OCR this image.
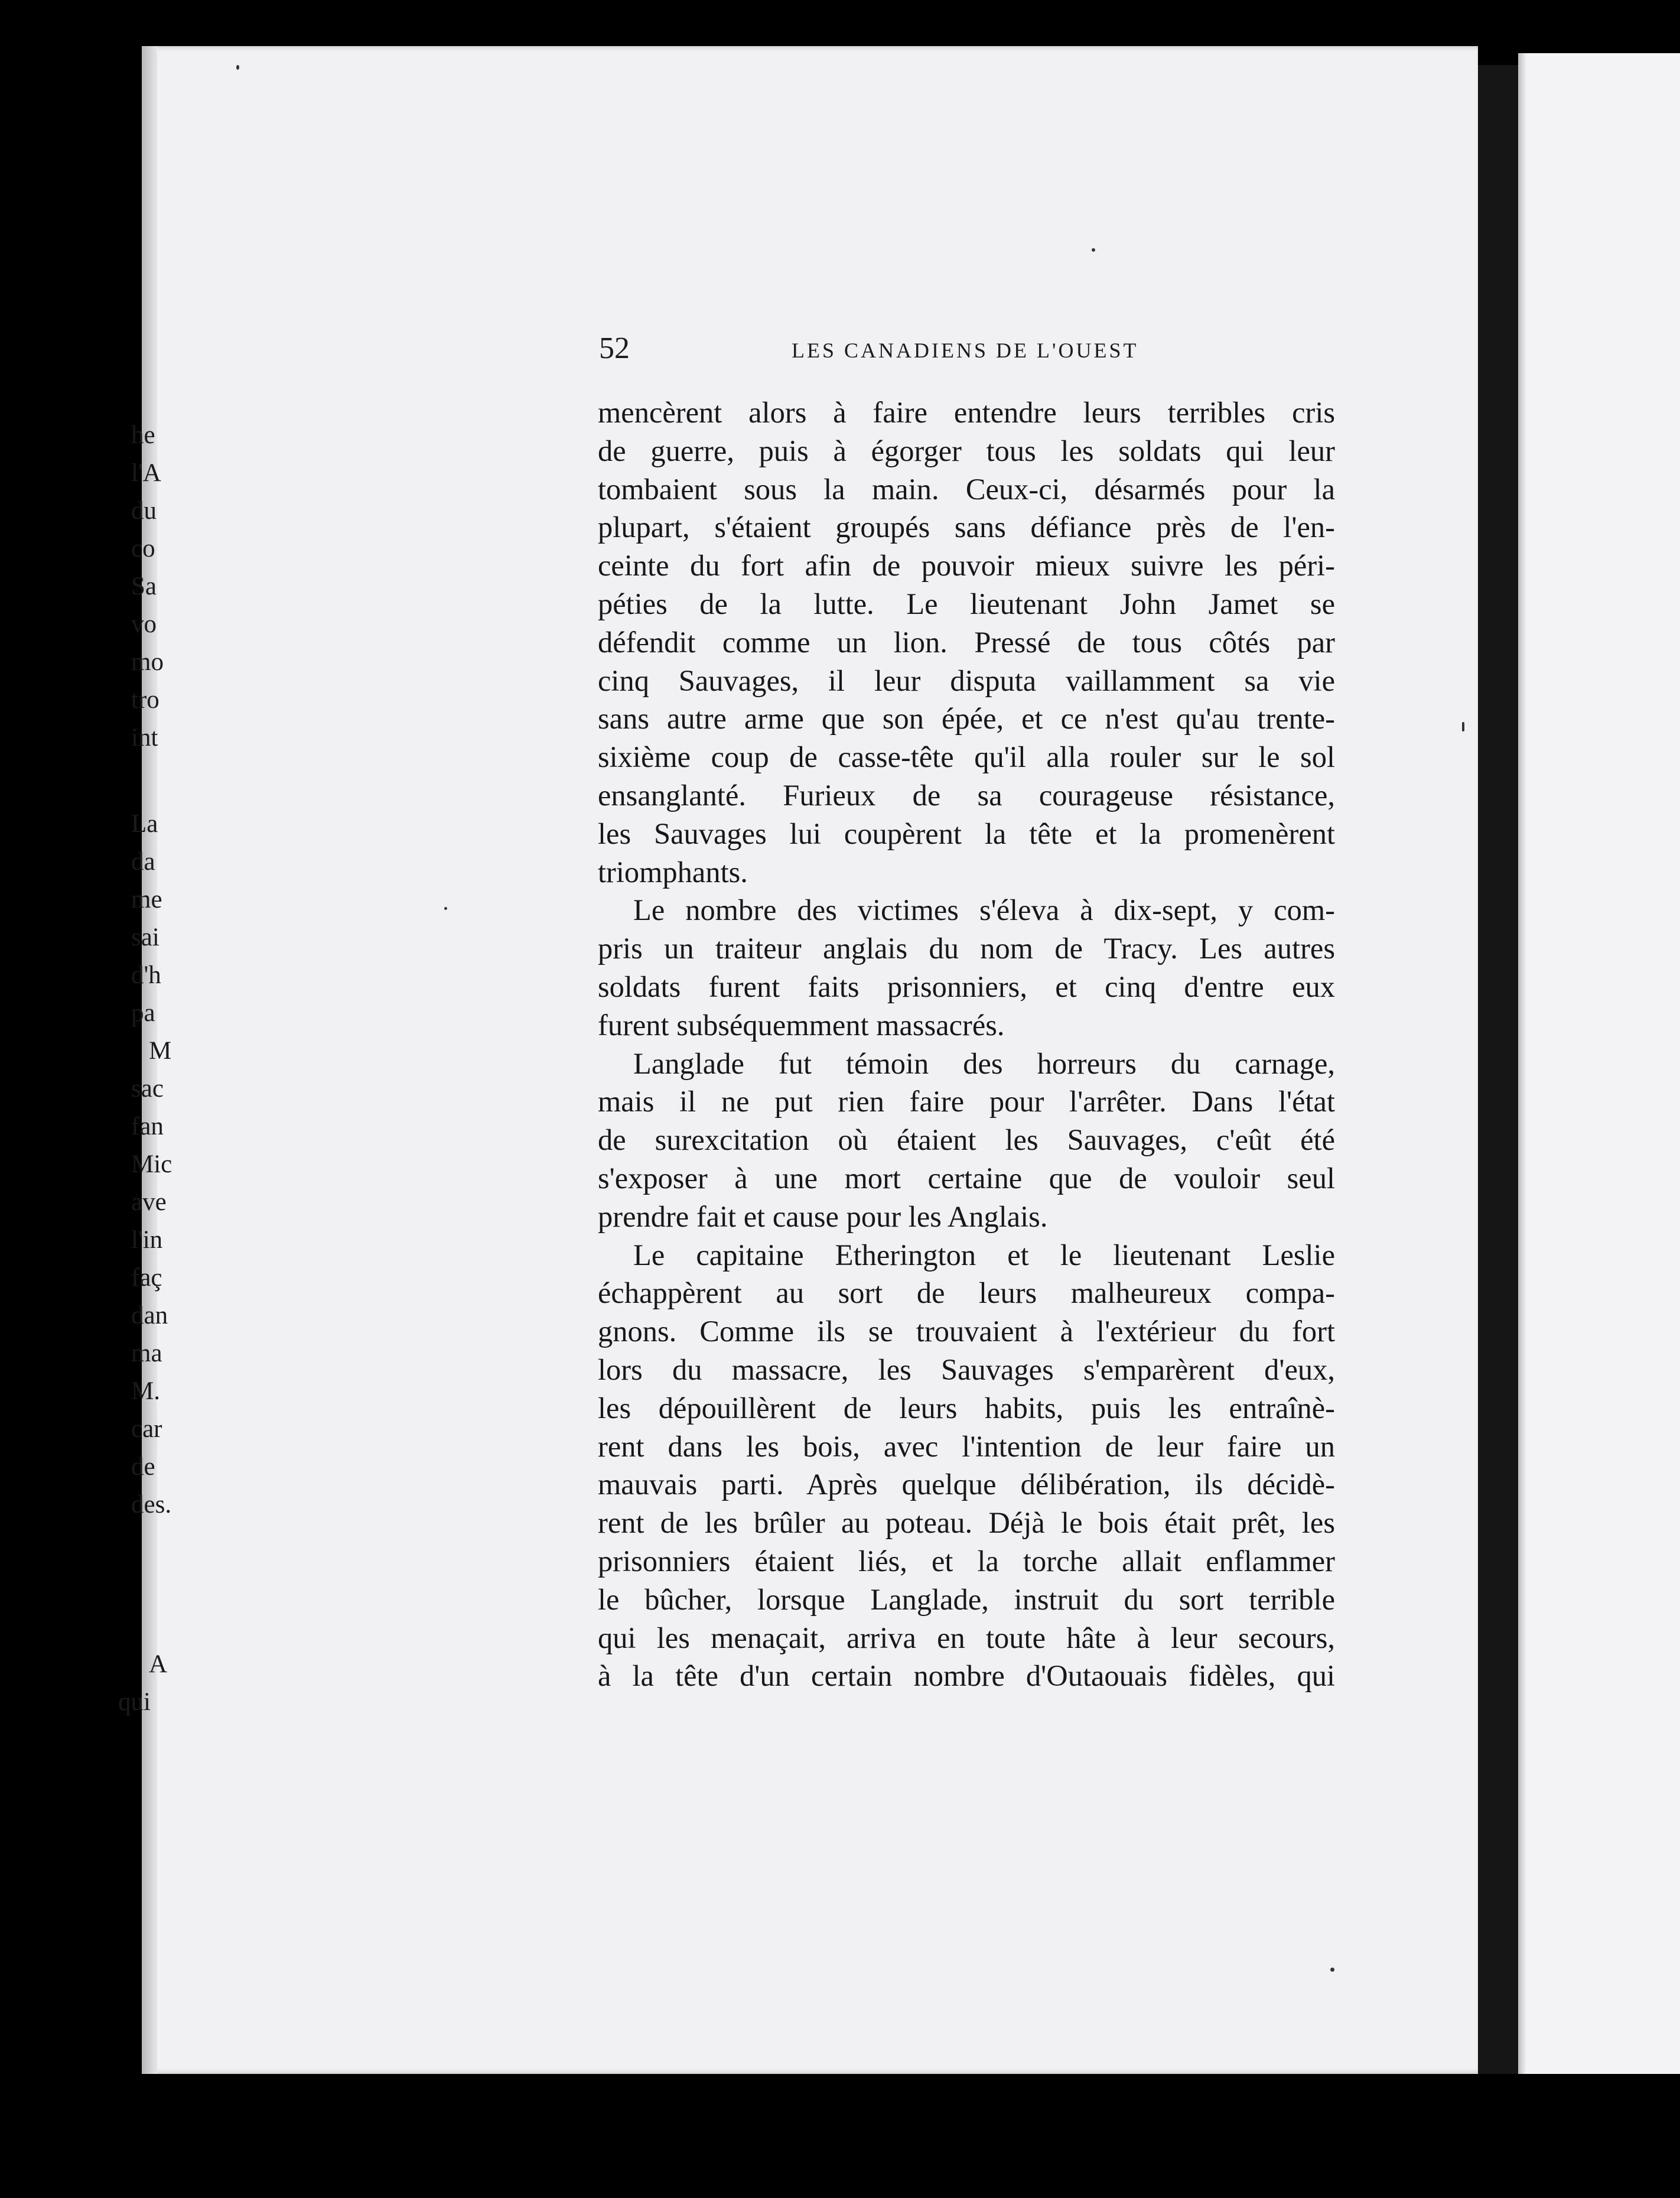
he
l'A
du
co
Sa
vo
mo
tro
int
La
da
me
sai
d'h
pa
M
sac
fan
Mic
ave
l'in
faç
dan
ma
M.
car
de
des.
A
qui
52	LES CANADIENS DE L'OUEST
mencèrent alors à faire entendre leurs terribles cris
de guerre, puis à égorger tous les soldats qui leur
tombaient sous la main. Ceux-ci, désarmés pour la
plupart, s'étaient groupés sans défiance près de l'en-
ceinte du fort afin de pouvoir mieux suivre les péri-
péties de la lutte. Le lieutenant John Jamet se
défendit comme un lion. Pressé de tous côtés par
cinq Sauvages, il leur disputa vaillamment sa vie
sans autre arme que son épée, et ce n'est qu'au trente-
sixième coup de casse-tête qu'il alla rouler sur le sol
ensanglanté. Furieux de sa courageuse résistance,
les Sauvages lui coupèrent la tête et la promenèrent
triomphants.
Le nombre des victimes s'éleva à dix-sept, y com-
pris un traiteur anglais du nom de Tracy. Les autres
soldats furent faits prisonniers, et cinq d'entre eux
furent subséquemment massacrés.
Langlade fut témoin des horreurs du carnage,
mais il ne put rien faire pour l'arrêter. Dans l'état
de surexcitation où étaient les Sauvages, c'eût été
s'exposer à une mort certaine que de vouloir seul
prendre fait et cause pour les Anglais.
Le capitaine Etherington et le lieutenant Leslie
échappèrent au sort de leurs malheureux compa-
gnons. Comme ils se trouvaient à l'extérieur du fort
lors du massacre, les Sauvages s'emparèrent d'eux,
les dépouillèrent de leurs habits, puis les entraînè-
rent dans les bois, avec l'intention de leur faire un
mauvais parti. Après quelque délibération, ils décidè-
rent de les brûler au poteau. Déjà le bois était prêt, les
prisonniers étaient liés, et la torche allait enflammer
le bûcher, lorsque Langlade, instruit du sort terrible
qui les menaçait, arriva en toute hâte à leur secours,
à la tête d'un certain nombre d'Outaouais fidèles, qui
